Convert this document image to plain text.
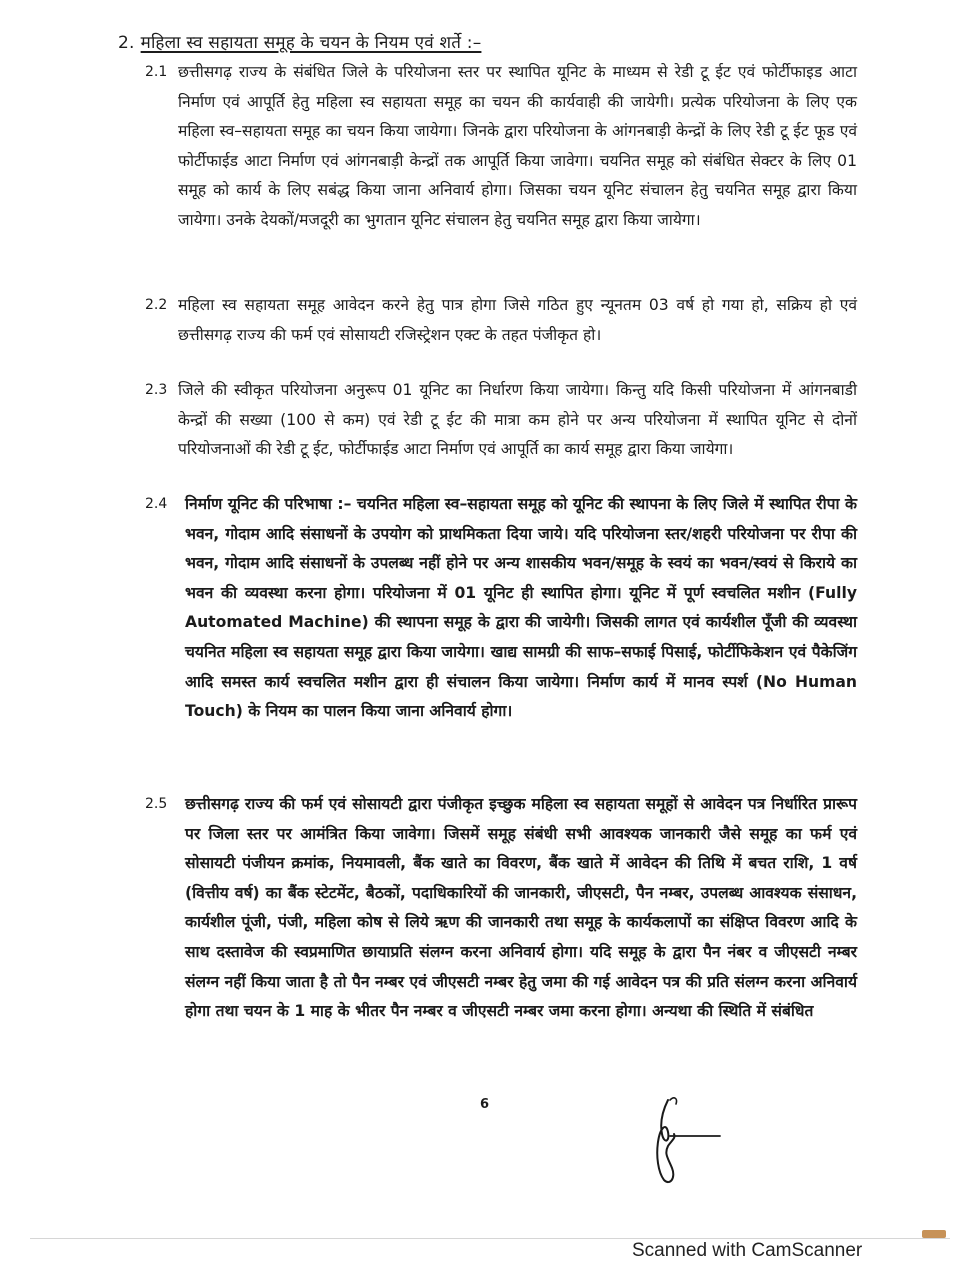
2. महिला स्व सहायता समूह के चयन के नियम एवं शर्ते :–
2.1 छत्तीसगढ़ राज्य के संबंधित जिले के परियोजना स्तर पर स्थापित यूनिट के माध्यम से रेडी टू ईट एवं फोर्टीफाइड आटा निर्माण एवं आपूर्ति हेतु महिला स्व सहायता समूह का चयन की कार्यवाही की जायेगी। प्रत्येक परियोजना के लिए एक महिला स्व–सहायता समूह का चयन किया जायेगा। जिनके द्वारा परियोजना के आंगनबाड़ी केन्द्रों के लिए रेडी टू ईट फूड एवं फोर्टीफाईड आटा निर्माण एवं आंगनबाड़ी केन्द्रों तक आपूर्ति किया जावेगा। चयनित समूह को संबंधित सेक्टर के लिए 01 समूह को कार्य के लिए सबंद्ध किया जाना अनिवार्य होगा। जिसका चयन यूनिट संचालन हेतु चयनित समूह द्वारा किया जायेगा। उनके देयकों/मजदूरी का भुगतान यूनिट संचालन हेतु चयनित समूह द्वारा किया जायेगा।
2.2 महिला स्व सहायता समूह आवेदन करने हेतु पात्र होगा जिसे गठित हुए न्यूनतम 03 वर्ष हो गया हो, सक्रिय हो एवं छत्तीसगढ़ राज्य की फर्म एवं सोसायटी रजिस्ट्रेशन एक्ट के तहत पंजीकृत हो।
2.3 जिले की स्वीकृत परियोजना अनुरूप 01 यूनिट का निर्धारण किया जायेगा। किन्तु यदि किसी परियोजना में आंगनबाडी केन्द्रों की सख्या (100 से कम) एवं रेडी टू ईट की मात्रा कम होने पर अन्य परियोजना में स्थापित यूनिट से दोनों परियोजनाओं की रेडी टू ईट, फोर्टीफाईड आटा निर्माण एवं आपूर्ति का कार्य समूह द्वारा किया जायेगा।
2.4 निर्माण यूनिट की परिभाषा :– चयनित महिला स्व–सहायता समूह को यूनिट की स्थापना के लिए जिले में स्थापित रीपा के भवन, गोदाम आदि संसाधनों के उपयोग को प्राथमिकता दिया जाये। यदि परियोजना स्तर/शहरी परियोजना पर रीपा की भवन, गोदाम आदि संसाधनों के उपलब्ध नहीं होने पर अन्य शासकीय भवन/समूह के स्वयं का भवन/स्वयं से किराये का भवन की व्यवस्था करना होगा। परियोजना में 01 यूनिट ही स्थापित होगा। यूनिट में पूर्ण स्वचलित मशीन (Fully Automated Machine) की स्थापना समूह के द्वारा की जायेगी। जिसकी लागत एवं कार्यशील पूँजी की व्यवस्था चयनित महिला स्व सहायता समूह द्वारा किया जायेगा। खाद्य सामग्री की साफ–सफाई पिसाई, फोर्टीफिकेशन एवं पैकेजिंग आदि समस्त कार्य स्वचलित मशीन द्वारा ही संचालन किया जायेगा। निर्माण कार्य में मानव स्पर्श (No Human Touch) के नियम का पालन किया जाना अनिवार्य होगा।
2.5 छत्तीसगढ़ राज्य की फर्म एवं सोसायटी द्वारा पंजीकृत इच्छुक महिला स्व सहायता समूहों से आवेदन पत्र निर्धारित प्रारूप पर जिला स्तर पर आमंत्रित किया जावेगा। जिसमें समूह संबंधी सभी आवश्यक जानकारी जैसे समूह का फर्म एवं सोसायटी पंजीयन क्रमांक, नियमावली, बैंक खाते का विवरण, बैंक खाते में आवेदन की तिथि में बचत राशि, 1 वर्ष (वित्तीय वर्ष) का बैंक स्टेटमेंट, बैठकों, पदाधिकारियों की जानकारी, जीएसटी, पैन नम्बर, उपलब्ध आवश्यक संसाधन, कार्यशील पूंजी, पंजी, महिला कोष से लिये ऋण की जानकारी तथा समूह के कार्यकलापों का संक्षिप्त विवरण आदि के साथ दस्तावेज की स्वप्रमाणित छायाप्रति संलग्न करना अनिवार्य होगा। यदि समूह के द्वारा पैन नंबर व जीएसटी नम्बर संलग्न नहीं किया जाता है तो पैन नम्बर एवं जीएसटी नम्बर हेतु जमा की गई आवेदन पत्र की प्रति संलग्न करना अनिवार्य होगा तथा चयन के 1 माह के भीतर पैन नम्बर व जीएसटी नम्बर जमा करना होगा। अन्यथा की स्थिति में संबंधित
6
Scanned with CamScanner
